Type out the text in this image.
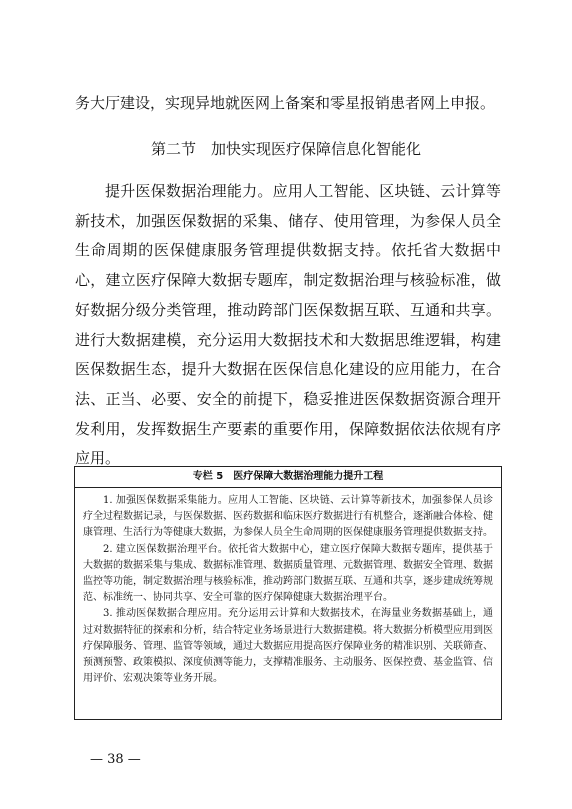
务大厅建设，实现异地就医网上备案和零星报销患者网上申报。
第二节　加快实现医疗保障信息化智能化

提升医保数据治理能力。应用人工智能、区块链、云计算等新技术，加强医保数据的采集、储存、使用管理，为参保人员全生命周期的医保健康服务管理提供数据支持。依托省大数据中心，建立医疗保障大数据专题库，制定数据治理与核验标准，做好数据分级分类管理，推动跨部门医保数据互联、互通和共享。进行大数据建模，充分运用大数据技术和大数据思维逻辑，构建医保数据生态，提升大数据在医保信息化建设的应用能力，在合法、正当、必要、安全的前提下，稳妥推进医保数据资源合理开发利用，发挥数据生产要素的重要作用，保障数据依法依规有序应用。

专栏 5　医疗保障大数据治理能力提升工程

1. 加强医保数据采集能力。应用人工智能、区块链、云计算等新技术，加强参保人员诊疗全过程数据记录，与医保数据、医药数据和临床医疗数据进行有机整合，逐渐融合体检、健康管理、生活行为等健康大数据，为参保人员全生命周期的医保健康服务管理提供数据支持。

2. 建立医保数据治理平台。依托省大数据中心，建立医疗保障大数据专题库，提供基于大数据的数据采集与集成、数据标准管理、数据质量管理、元数据管理、数据安全管理、数据监控等功能，制定数据治理与核验标准，推动跨部门数据互联、互通和共享，逐步建成统筹规范、标准统一、协同共享、安全可靠的医疗保障健康大数据治理平台。

3. 推动医保数据合理应用。充分运用云计算和大数据技术，在海量业务数据基础上，通过对数据特征的探索和分析，结合特定业务场景进行大数据建模。将大数据分析模型应用到医疗保障服务、管理、监管等领域，通过大数据应用提高医疗保障业务的精准识别、关联筛查、预测预警、政策模拟、深度侦测等能力，支撑精准服务、主动服务、医保控费、基金监管、信用评价、宏观决策等业务开展。

— 38 —
